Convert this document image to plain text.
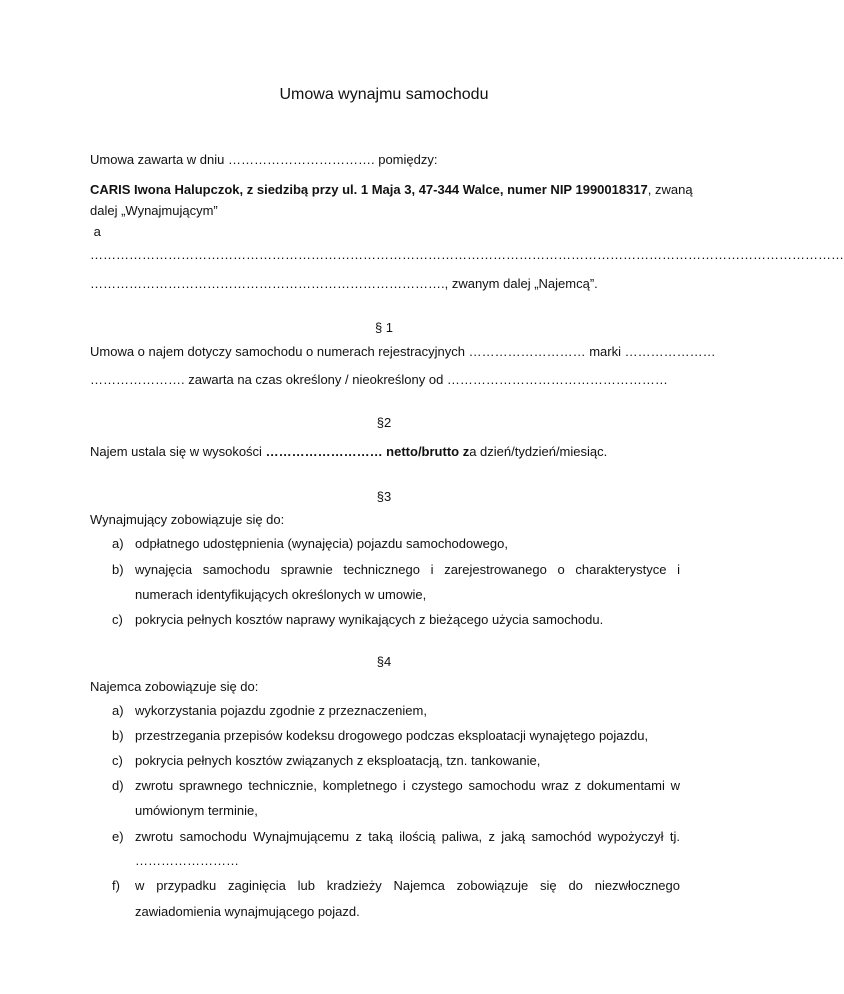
Umowa wynajmu samochodu
Umowa zawarta w dniu ……………………………. pomiędzy:
CARIS Iwona Halupczok, z siedzibą przy ul. 1 Maja 3, 47-344 Walce, numer NIP 1990018317, zwaną
dalej „Wynajmującym”
a
…………………………………………………………………………………………………………………………………………………………
………………………………………………………………………., zwanym dalej „Najemcą”.
§ 1
Umowa o najem dotyczy samochodu o numerach rejestracyjnych ……………………… marki …………………
…………………. zawarta na czas określony / nieokreślony od ……………………………………………
§2
Najem ustala się w wysokości ……………………… netto/brutto za dzień/tydzień/miesiąc.
§3
Wynajmujący zobowiązuje się do:
a) odpłatnego udostępnienia (wynajęcia) pojazdu samochodowego,
b) wynajęcia samochodu sprawnie technicznego i zarejestrowanego o charakterystyce i
numerach identyfikujących określonych w umowie,
c) pokrycia pełnych kosztów naprawy wynikających z bieżącego użycia samochodu.
§4
Najemca zobowiązuje się do:
a) wykorzystania pojazdu zgodnie z przeznaczeniem,
b) przestrzegania przepisów kodeksu drogowego podczas eksploatacji wynajętego pojazdu,
c) pokrycia pełnych kosztów związanych z eksploatacją, tzn. tankowanie,
d) zwrotu sprawnego technicznie, kompletnego i czystego samochodu wraz z dokumentami w
umówionym terminie,
e) zwrotu samochodu Wynajmującemu z taką ilością paliwa, z jaką samochód wypożyczył tj.
……………………
f) w przypadku zaginięcia lub kradzieży Najemca zobowiązuje się do niezwłocznego
zawiadomienia wynajmującego pojazd.
